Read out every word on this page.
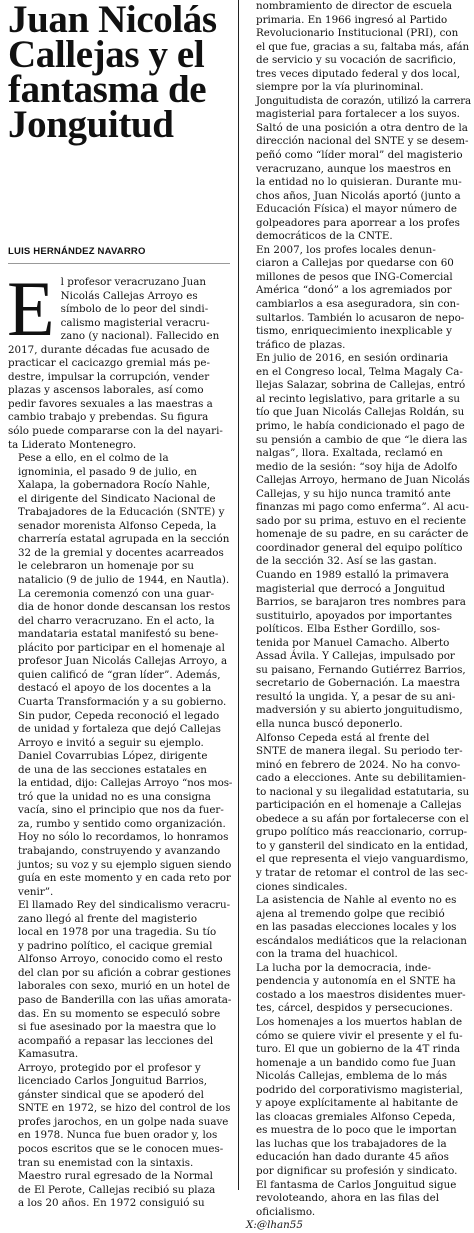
Juan Nicolás
Callejas y el
fantasma de
Jonguitud
LUIS HERNÁNDEZ NAVARRO

E l profesor veracruzano Juan
Nicolás Callejas Arroyo es
símbolo de lo peor del sindi-
calismo magisterial veracru-
zano (y nacional). Fallecido en
2017, durante décadas fue acusado de
practicar el cacicazgo gremial más pe-
destre, impulsar la corrupción, vender
plazas y ascensos laborales, así como
pedir favores sexuales a las maestras a
cambio trabajo y prebendas. Su figura
sólo puede compararse con la del nayari-
ta Liderato Montenegro.

Pese a ello, en el colmo de la
ignominia, el pasado 9 de julio, en
Xalapa, la gobernadora Rocío Nahle,
el dirigente del Sindicato Nacional de
Trabajadores de la Educación (SNTE) y
senador morenista Alfonso Cepeda, la
charrería estatal agrupada en la sección
32 de la gremial y docentes acarreados
le celebraron un homenaje por su
natalicio (9 de julio de 1944, en Nautla).

La ceremonia comenzó con una guar-
dia de honor donde descansan los restos
del charro veracruzano. En el acto, la
mandataria estatal manifestó su bene-
plácito por participar en el homenaje al
profesor Juan Nicolás Callejas Arroyo, a
quien calificó de “gran líder”. Además,
destacó el apoyo de los docentes a la
Cuarta Transformación y a su gobierno.

Sin pudor, Cepeda reconoció el legado
de unidad y fortaleza que dejó Callejas
Arroyo e invitó a seguir su ejemplo.

Daniel Covarrubias López, dirigente
de una de las secciones estatales en
la entidad, dijo: Callejas Arroyo “nos mos-
tró que la unidad no es una consigna
vacía, sino el principio que nos da fuer-
za, rumbo y sentido como organización.
Hoy no sólo lo recordamos, lo honramos
trabajando, construyendo y avanzando
juntos; su voz y su ejemplo siguen siendo
guía en este momento y en cada reto por
venir”.

El llamado Rey del sindicalismo veracru-
zano llegó al frente del magisterio
local en 1978 por una tragedia. Su tío
y padrino político, el cacique gremial
Alfonso Arroyo, conocido como el resto
del clan por su afición a cobrar gestiones
laborales con sexo, murió en un hotel de
paso de Banderilla con las uñas amorata-
das. En su momento se especuló sobre
si fue asesinado por la maestra que lo
acompañó a repasar las lecciones del
Kamasutra.

Arroyo, protegido por el profesor y
licenciado Carlos Jonguitud Barrios,
gánster sindical que se apoderó del
SNTE en 1972, se hizo del control de los
profes jarochos, en un golpe nada suave
en 1978. Nunca fue buen orador y, los
pocos escritos que se le conocen mues-
tran su enemistad con la sintaxis.

Maestro rural egresado de la Normal
de El Perote, Callejas recibió su plaza
a los 20 años. En 1972 consiguió su

nombramiento de director de escuela
primaria. En 1966 ingresó al Partido
Revolucionario Institucional (PRI), con
el que fue, gracias a su, faltaba más, afán
de servicio y su vocación de sacrificio,
tres veces diputado federal y dos local,
siempre por la vía plurinominal.
Jonguitudista de corazón, utilizó la carrera
magisterial para fortalecer a los suyos.
Saltó de una posición a otra dentro de la
dirección nacional del SNTE y se desem-
peñó como “líder moral” del magisterio
veracruzano, aunque los maestros en
la entidad no lo quisieran. Durante mu-
chos años, Juan Nicolás aportó (junto a
Educación Física) el mayor número de
golpeadores para aporrear a los profes
democráticos de la CNTE.

En 2007, los profes locales denun-
ciaron a Callejas por quedarse con 60
millones de pesos que ING-Comercial
América “donó” a los agremiados por
cambiarlos a esa aseguradora, sin con-
sultarlos. También lo acusaron de nepo-
tismo, enriquecimiento inexplicable y
tráfico de plazas.

En julio de 2016, en sesión ordinaria
en el Congreso local, Telma Magaly Ca-
llejas Salazar, sobrina de Callejas, entró
al recinto legislativo, para gritarle a su
tío que Juan Nicolás Callejas Roldán, su
primo, le había condicionado el pago de
su pensión a cambio de que “le diera las
nalgas”, llora. Exaltada, reclamó en
medio de la sesión: “soy hija de Adolfo
Callejas Arroyo, hermano de Juan Nicolás
Callejas, y su hijo nunca tramitó ante
finanzas mi pago como enferma”. Al acu-
sado por su prima, estuvo en el reciente
homenaje de su padre, en su carácter de
coordinador general del equipo político
de la sección 32. Así se las gastan.

Cuando en 1989 estalló la primavera
magisterial que derrocó a Jonguitud
Barrios, se barajaron tres nombres para
sustituirlo, apoyados por importantes
políticos. Elba Esther Gordillo, sos-
tenida por Manuel Camacho. Alberto
Assad Ávila. Y Callejas, impulsado por
su paisano, Fernando Gutiérrez Barrios,
secretario de Gobernación. La maestra
resultó la ungida. Y, a pesar de su ani-
madversión y su abierto jonguitudismo,
ella nunca buscó deponerlo.

Alfonso Cepeda está al frente del
SNTE de manera ilegal. Su periodo ter-
minó en febrero de 2024. No ha convo-
cado a elecciones. Ante su debilitamien-
to nacional y su ilegalidad estatutaria, su
participación en el homenaje a Callejas
obedece a su afán por fortalecerse con el
grupo político más reaccionario, corrup-
to y gansteril del sindicato en la entidad,
el que representa el viejo vanguardismo,
y tratar de retomar el control de las sec-
ciones sindicales.

La asistencia de Nahle al evento no es
ajena al tremendo golpe que recibió
en las pasadas elecciones locales y los
escándalos mediáticos que la relacionan
con la trama del huachicol.

La lucha por la democracia, inde-
pendencia y autonomía en el SNTE ha
costado a los maestros disidentes muer-
tes, cárcel, despidos y persecuciones.
Los homenajes a los muertos hablan de
cómo se quiere vivir el presente y el fu-
turo. El que un gobierno de la 4T rinda
homenaje a un bandido como fue Juan
Nicolás Callejas, emblema de lo más
podrido del corporativismo magisterial,
y apoye explícitamente al habitante de
las cloacas gremiales Alfonso Cepeda,
es muestra de lo poco que le importan
las luchas que los trabajadores de la
educación han dado durante 45 años
por dignificar su profesión y sindicato.
El fantasma de Carlos Jonguitud sigue
revoloteando, ahora en las filas del
oficialismo.

X:@lhan55
